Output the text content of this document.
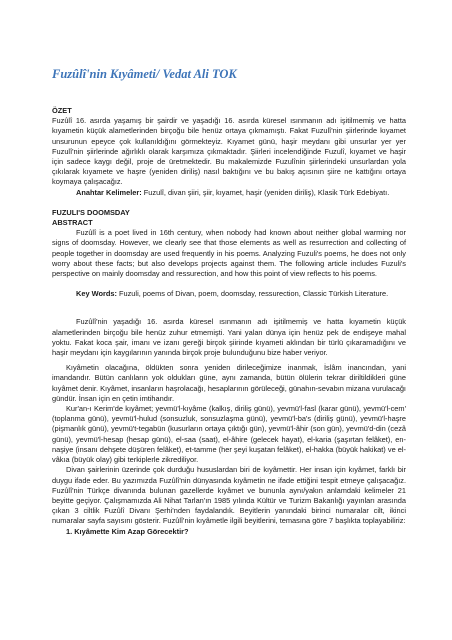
Fuzûlî'nin Kıyâmeti/ Vedat Ali TOK

ÖZET

Fuzûlî 16. asırda yaşamış bir şairdir ve yaşadığı 16. asırda küresel ısınmanın adı işitilmemiş ve hatta kıyametin küçük alametlerinden birçoğu bile henüz ortaya çıkmamıştı. Fakat Fuzulî'nin şiirlerinde kıyamet unsurunun epeyce çok kullanıldığını görmekteyiz. Kıyamet günü, haşir meydanı gibi unsurlar yer yer Fuzulî'nin şiirlerinde ağırlıklı olarak karşımıza çıkmaktadır. Şiirleri incelendiğinde Fuzulî, kıyamet ve haşir için sadece kaygı değil, proje de üretmektedir. Bu makalemizde Fuzulînin şiirlerindeki unsurlardan yola çıkılarak kıyamete ve haşre (yeniden diriliş) nasıl baktığını ve bu bakış açısının şiire ne kattığını ortaya koymaya çalışacağız.

Anahtar Kelimeler: Fuzulî, divan şiiri, şiir, kıyamet, haşir (yeniden diriliş), Klasik Türk Edebiyatı.

FUZULI'S DOOMSDAY

ABSTRACT

Fuzûlî is a poet lived in 16th century, when nobody had known about neither global warming nor signs of doomsday. However, we clearly see that those elements as well as resurrection and collecting of people together in doomsday are used frequently in his poems. Analyzing Fuzuli's poems, he does not only worry about these facts; but also develops projects against them. The following article includes Fuzuli's perspective on mainly doomsday and ressurection, and how this point of view reflects to his poems.

Key Words: Fuzuli, poems of Divan, poem, doomsday, ressurection, Classic Türkish Literature.

Fuzûlî'nin yaşadığı 16. asırda küresel ısınmanın adı işitilmemiş ve hatta kıyametin küçük alametlerinden birçoğu bile henüz zuhur etmemişti. Yani yalan dünya için henüz pek de endişeye mahal yoktu. Fakat koca şair, imanı ve izanı gereği birçok şiirinde kıyameti aklından bir türlü çıkaramadığını ve haşir meydanı için kaygılarının yanında birçok proje bulunduğunu bize haber veriyor.

Kıyâmetin olacağına, öldükten sonra yeniden dirileceğimize inanmak, İslâm inancından, yani imandandır. Bütün canlıların yok oldukları güne, aynı zamanda, bütün ölülerin tekrar diriltildikleri güne kıyâmet denir. Kıyâmet, insanların haşrolacağı, hesaplarının görüleceği, günahın-sevabın mizana vurulacağı gündür. İnsan için en çetin imtihandır.

Kur'an-ı Kerim'de kıyâmet; yevmü'l-kıyâme (kalkış, diriliş günü), yevmü'l-fasl (karar günü), yevmü'l-cem' (toplanma günü), yevmü'l-hulud (sonsuzluk, sonsuzlaşma günü), yevmü'l-ba's (diriliş günü), yevmü'l-haşre (pişmanlık günü), yevmü't-tegabün (kusurların ortaya çıktığı gün), yevmü'l-âhir (son gün), yevmü'd-din (cezâ günü), yevmü'l-hesap (hesap günü), el-saa (saat), el-âhire (gelecek hayat), el-karia (şaşırtan felâket), en-naşiye (insanı dehşete düşüren felâket), et-tamme (her şeyi kuşatan felâket), el-hakka (büyük hakikat) ve el-vâkıa (büyük olay) gibi terkiplerle zikrediliyor.

Divan şairlerinin üzerinde çok durduğu hususlardan biri de kıyâmettir. Her insan için kıyâmet, farklı bir duygu ifade eder. Bu yazımızda Fuzûlî'nin dünyasında kıyâmetin ne ifade ettiğini tespit etmeye çalışacağız. Fuzûlî'nin Türkçe divanında bulunan gazellerde kıyâmet ve bununla aynı/yakın anlamdaki kelimeler 21 beyitte geçiyor. Çalışmamızda Ali Nihat Tarlan'ın 1985 yılında Kültür ve Turizm Bakanlığı yayınları arasında çıkan 3 ciltlik Fuzûlî Divanı Şerhi'nden faydalandık. Beyitlerin yanındaki birinci numaralar cilt, ikinci numaralar sayfa sayısını gösterir. Fuzûlî'nin kıyâmetle ilgili beyitlerini, temasına göre 7 başlıkta toplayabiliriz:

1. Kıyâmette Kim Azap Görecektir?
